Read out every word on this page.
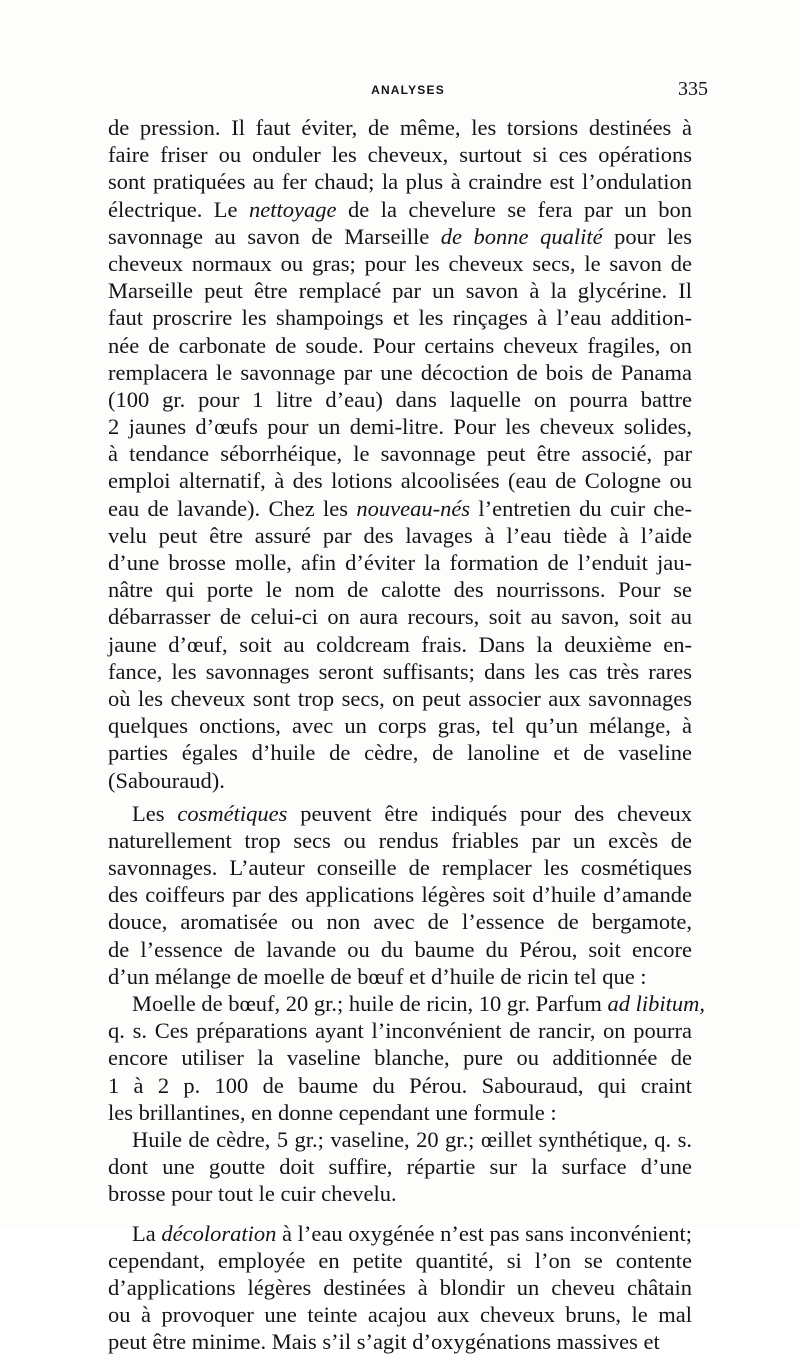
ANALYSES	335
de pression. Il faut éviter, de même, les torsions destinées à
faire friser ou onduler les cheveux, surtout si ces opérations
sont pratiquées au fer chaud; la plus à craindre est l’ondulation
électrique. Le nettoyage de la chevelure se fera par un bon
savonnage au savon de Marseille de bonne qualité pour les
cheveux normaux ou gras; pour les cheveux secs, le savon de
Marseille peut être remplacé par un savon à la glycérine. Il
faut proscrire les shampoings et les rinçages à l’eau addition-
née de carbonate de soude. Pour certains cheveux fragiles, on
remplacera le savonnage par une décoction de bois de Panama
(100 gr. pour 1 litre d’eau) dans laquelle on pourra battre
2 jaunes d’œufs pour un demi-litre. Pour les cheveux solides,
à tendance séborrhéique, le savonnage peut être associé, par
emploi alternatif, à des lotions alcoolisées (eau de Cologne ou
eau de lavande). Chez les nouveau-nés l’entretien du cuir che-
velu peut être assuré par des lavages à l’eau tiède à l’aide
d’une brosse molle, afin d’éviter la formation de l’enduit jau-
nâtre qui porte le nom de calotte des nourrissons. Pour se
débarrasser de celui-ci on aura recours, soit au savon, soit au
jaune d’œuf, soit au coldcream frais. Dans la deuxième en-
fance, les savonnages seront suffisants; dans les cas très rares
où les cheveux sont trop secs, on peut associer aux savonnages
quelques onctions, avec un corps gras, tel qu’un mélange, à
parties égales d’huile de cèdre, de lanoline et de vaseline
(Sabouraud).
Les cosmétiques peuvent être indiqués pour des cheveux
naturellement trop secs ou rendus friables par un excès de
savonnages. L’auteur conseille de remplacer les cosmétiques
des coiffeurs par des applications légères soit d’huile d’amande
douce, aromatisée ou non avec de l’essence de bergamote,
de l’essence de lavande ou du baume du Pérou, soit encore
d’un mélange de moelle de bœuf et d’huile de ricin tel que :
Moelle de bœuf, 20 gr.; huile de ricin, 10 gr. Parfum ad libitum,
q. s. Ces préparations ayant l’inconvénient de rancir, on pourra
encore utiliser la vaseline blanche, pure ou additionnée de
1 à 2 p. 100 de baume du Pérou. Sabouraud, qui craint
les brillantines, en donne cependant une formule :
Huile de cèdre, 5 gr.; vaseline, 20 gr.; œillet synthétique, q. s.
dont une goutte doit suffire, répartie sur la surface d’une
brosse pour tout le cuir chevelu.
La décoloration à l’eau oxygénée n’est pas sans inconvénient;
cependant, employée en petite quantité, si l’on se contente
d’applications légères destinées à blondir un cheveu châtain
ou à provoquer une teinte acajou aux cheveux bruns, le mal
peut être minime. Mais s’il s’agit d’oxygénations massives et
